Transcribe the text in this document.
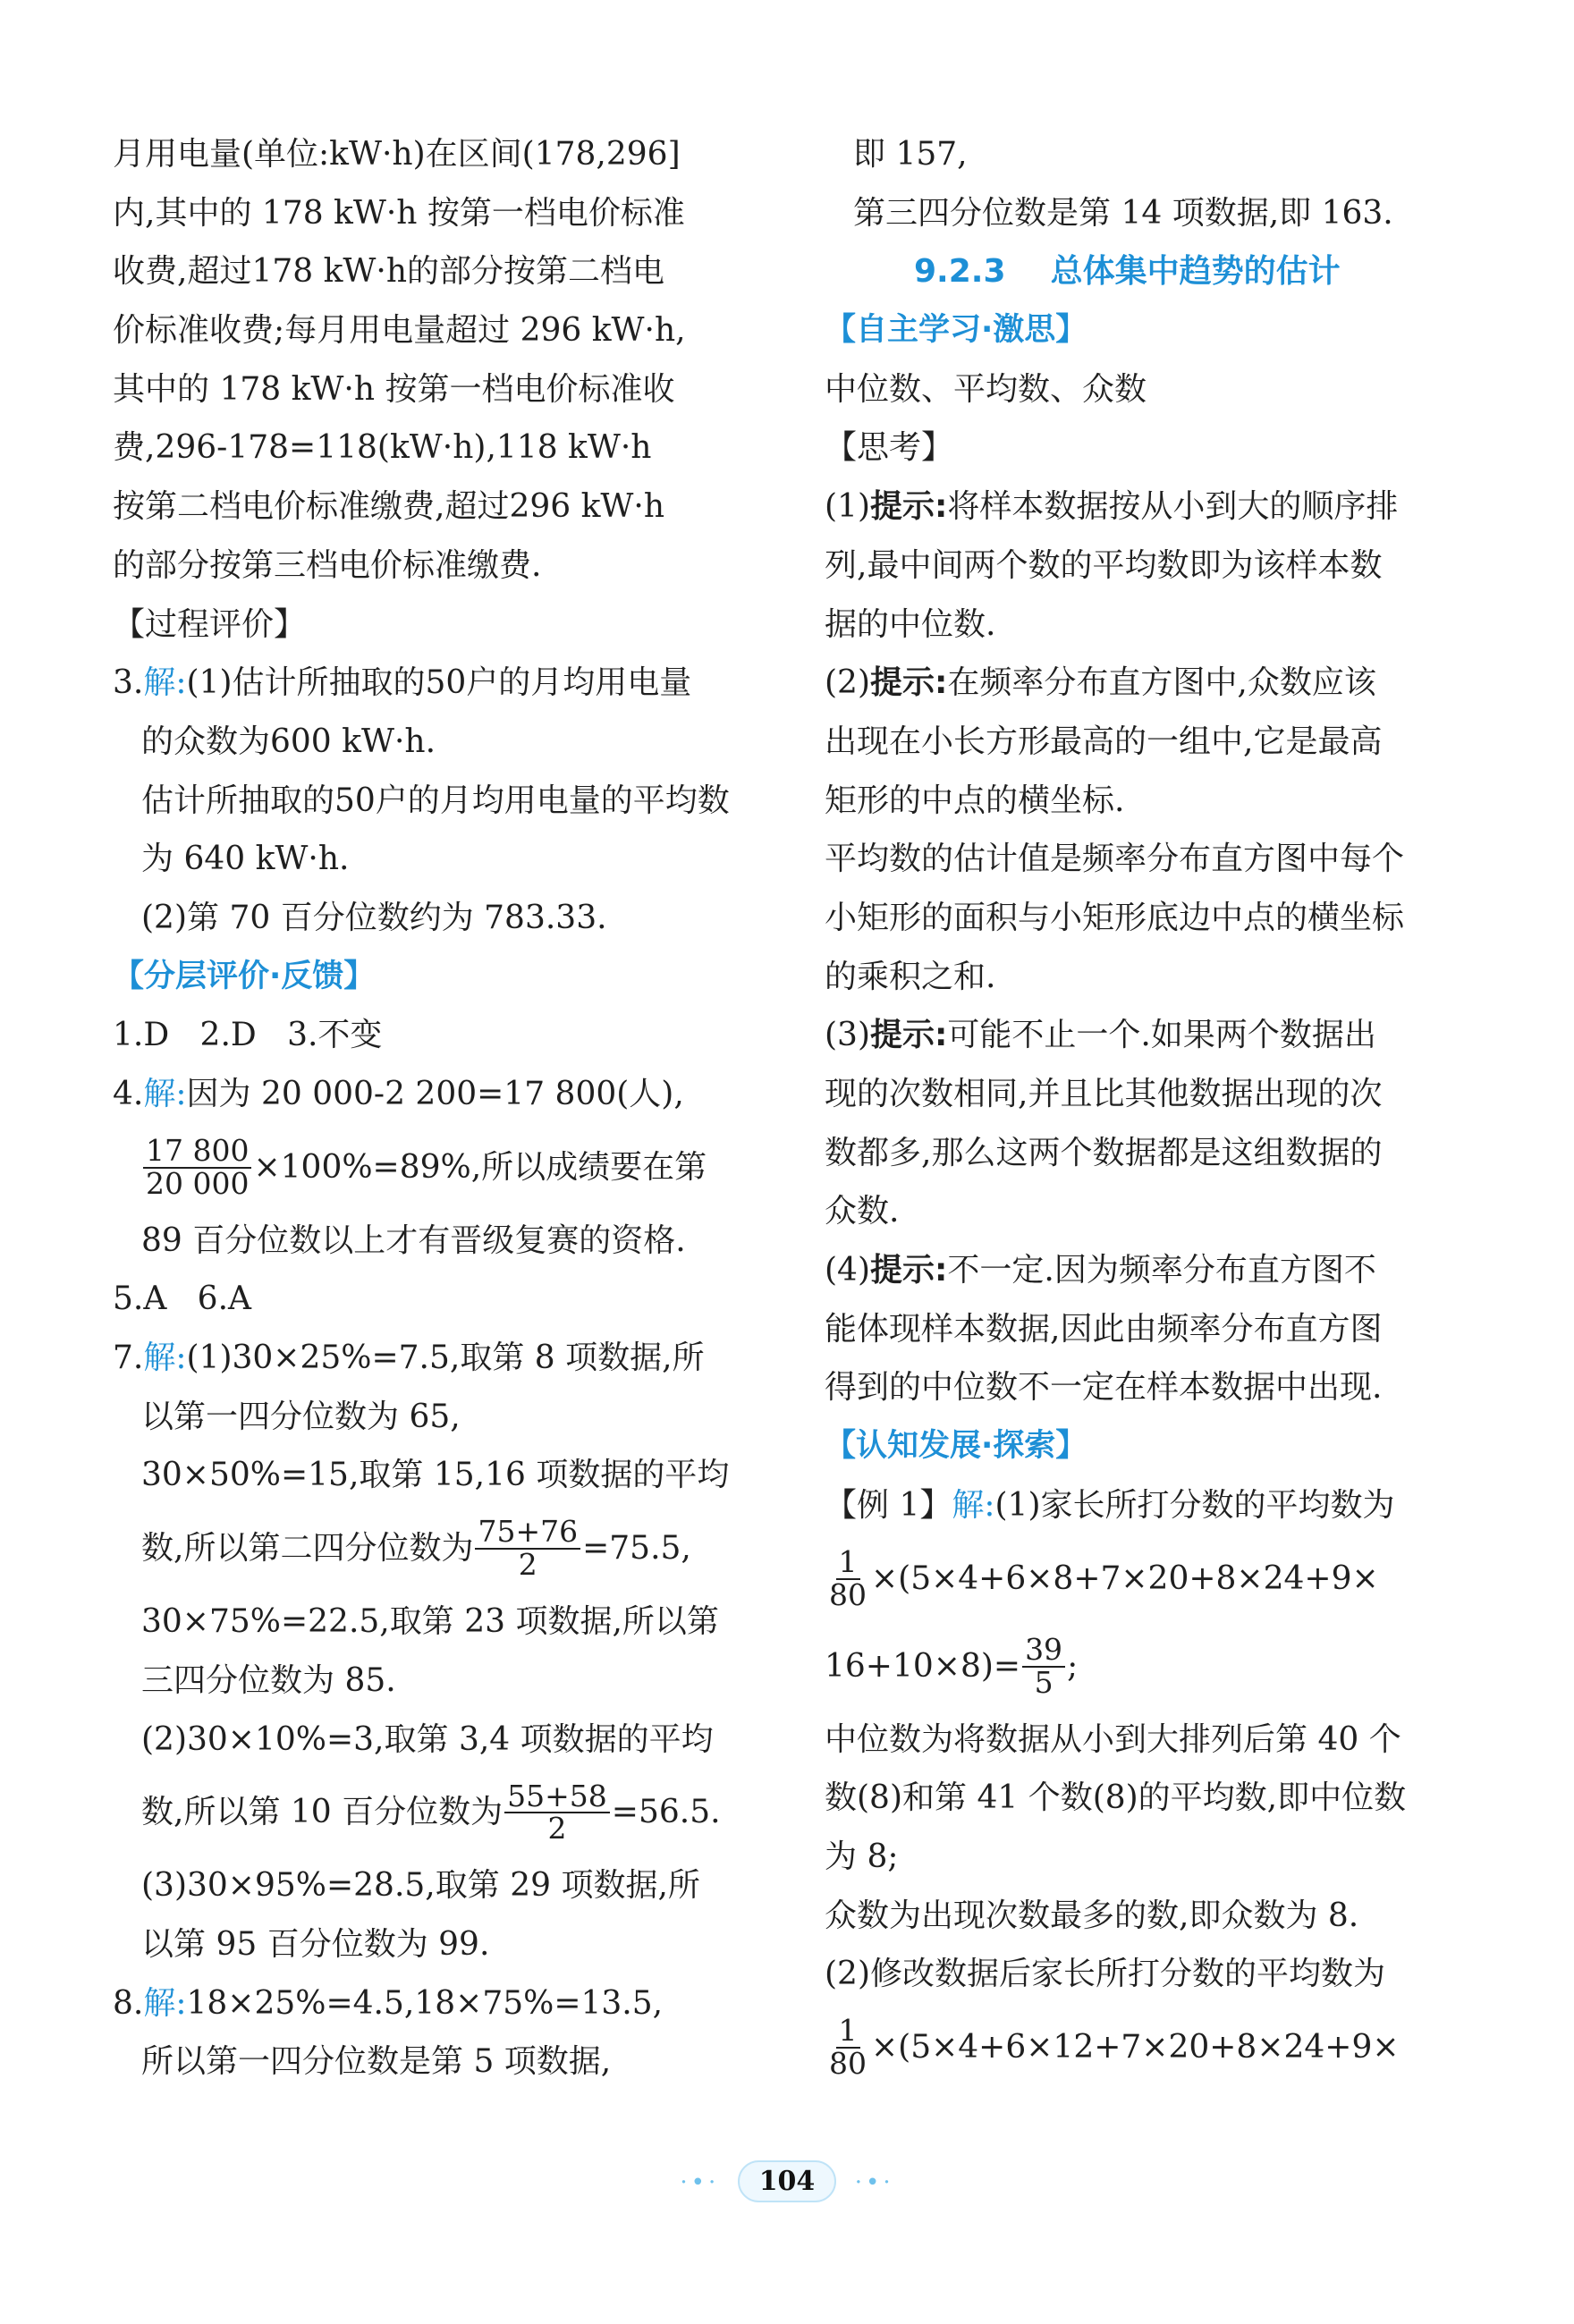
月用电量(单位:kW·h)在区间(178,296]
内,其中的 178 kW·h 按第一档电价标准
收费,超过178 kW·h的部分按第二档电
价标准收费;每月用电量超过 296 kW·h,
其中的 178 kW·h 按第一档电价标准收
费,296-178=118(kW·h),118 kW·h
按第二档电价标准缴费,超过296 kW·h
的部分按第三档电价标准缴费.
【过程评价】
3.解:(1)估计所抽取的50户的月均用电量
的众数为600 kW·h.
估计所抽取的50户的月均用电量的平均数
为 640 kW·h.
(2)第 70 百分位数约为 783.33.
【分层评价·反馈】
1.D   2.D   3.不变
4.解:因为 20 000-2 200=17 800(人),
$\frac{17 800}{20 000} \times 100\%=89\%$,所以成绩要在第
89 百分位数以上才有晋级复赛的资格.
5.A   6.A
7.解:(1)30×25%=7.5,取第 8 项数据,所
以第一四分位数为 65,
30×50%=15,取第 15,16 项数据的平均
数,所以第二四分位数为 $\frac{75+76}{2} =75.5$,
30×75%=22.5,取第 23 项数据,所以第
三四分位数为 85.
(2)30×10%=3,取第 3,4 项数据的平均
数,所以第 10 百分位数为 $\frac{55+58}{2} =56.5$.
(3)30×95%=28.5,取第 29 项数据,所
以第 95 百分位数为 99.
8.解:18×25%=4.5,18×75%=13.5,
所以第一四分位数是第 5 项数据,
即 157,
第三四分位数是第 14 项数据,即 163.
9.2.3    总体集中趋势的估计
【自主学习·激思】
中位数、平均数、众数
【思考】
(1)提示:将样本数据按从小到大的顺序排
列,最中间两个数的平均数即为该样本数
据的中位数.
(2)提示:在频率分布直方图中,众数应该
出现在小长方形最高的一组中,它是最高
矩形的中点的横坐标.
平均数的估计值是频率分布直方图中每个
小矩形的面积与小矩形底边中点的横坐标
的乘积之和.
(3)提示:可能不止一个.如果两个数据出
现的次数相同,并且比其他数据出现的次
数都多,那么这两个数据都是这组数据的
众数.
(4)提示:不一定.因为频率分布直方图不
能体现样本数据,因此由频率分布直方图
得到的中位数不一定在样本数据中出现.
【认知发展·探索】
【例 1】解:(1)家长所打分数的平均数为
$\frac{1}{80} \times(5\times 4+6\times 8+7\times 20+8\times 24+9\times$
$16+10\times 8)= \frac{39}{5}$ ;
中位数为将数据从小到大排列后第 40 个
数(8)和第 41 个数(8)的平均数,即中位数
为 8;
众数为出现次数最多的数,即众数为 8.
(2)修改数据后家长所打分数的平均数为
$\frac{1}{80} \times(5\times 4+6\times 12+7\times 20+8\times 24+9\times$
·•· 104 ·•·
